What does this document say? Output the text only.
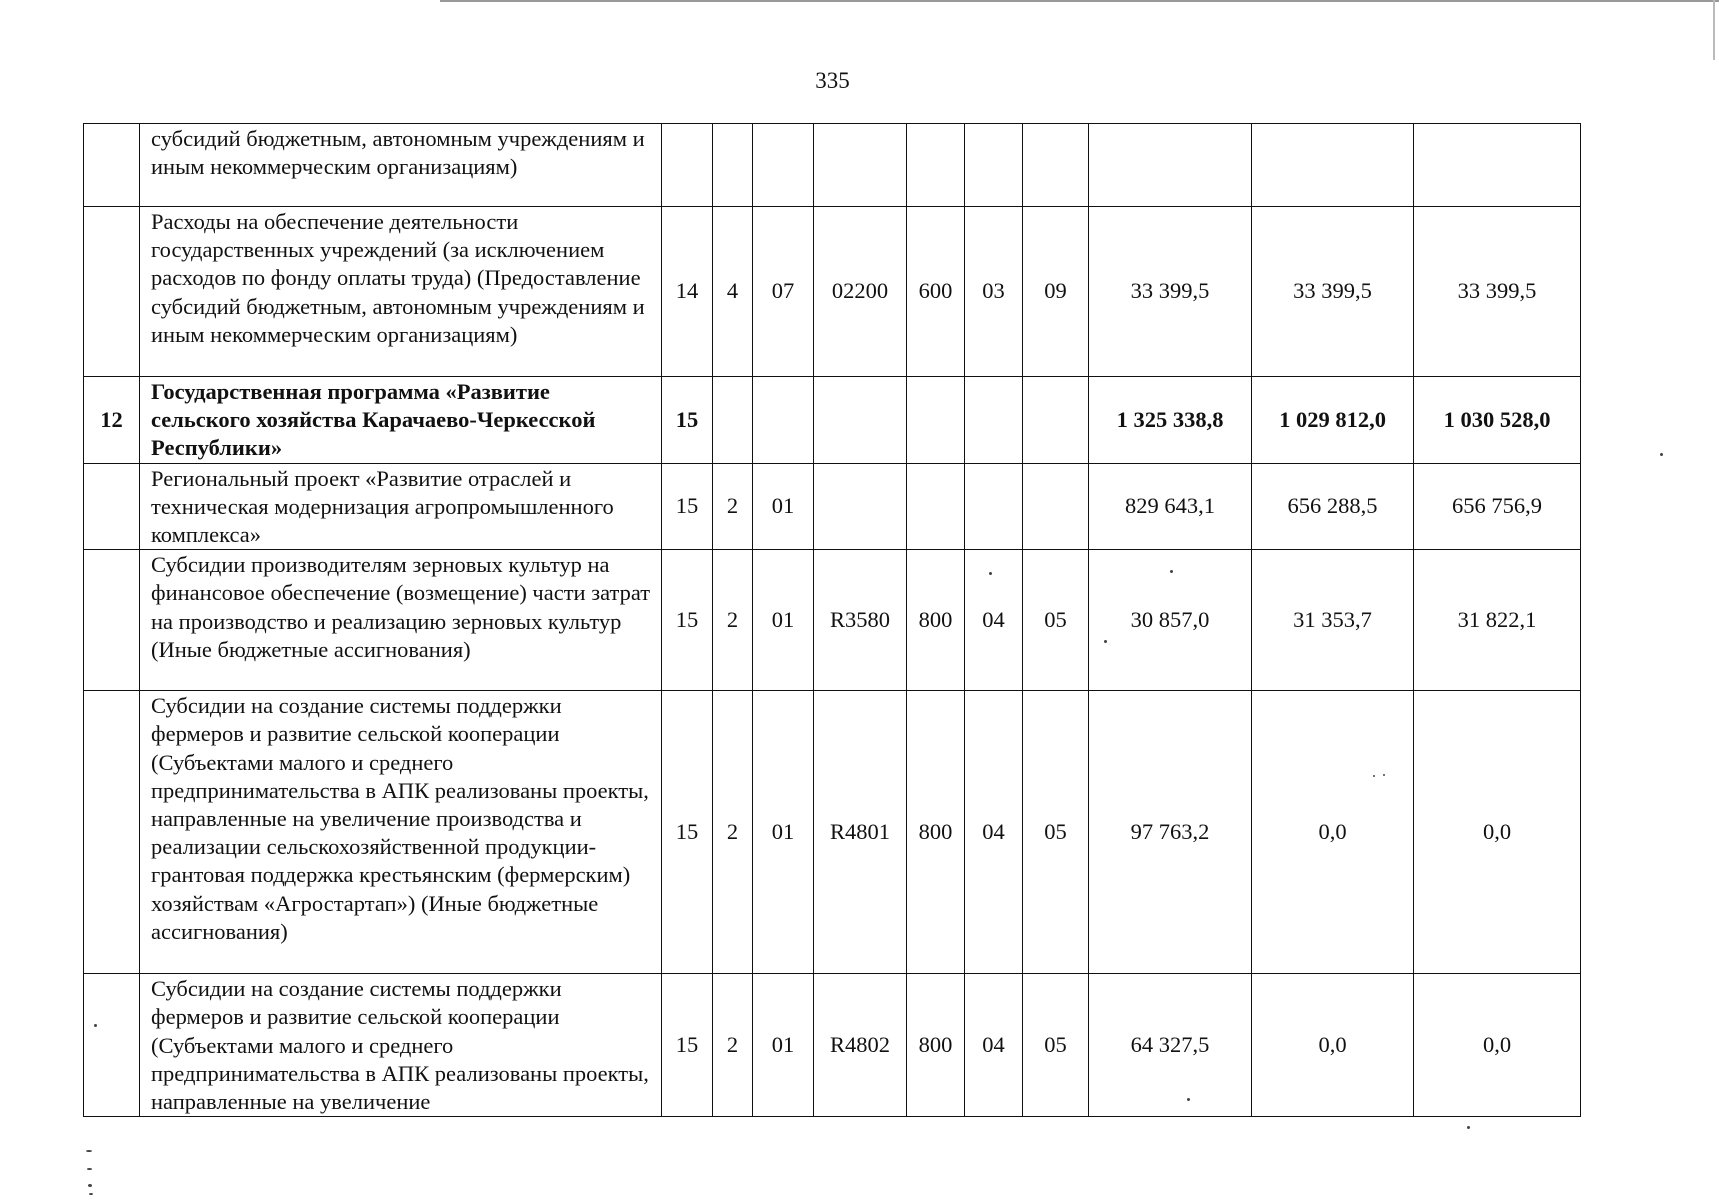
335
	субсидий бюджетным, автономным учреждениям и иным некоммерческим организациям)										
	Расходы на обеспечение деятельности государственных учреждений (за исключением расходов по фонду оплаты труда) (Предоставление субсидий бюджетным, автономным учреждениям и иным некоммерческим организациям)	14	4	07	02200	600	03	09	33 399,5	33 399,5	33 399,5
12	Государственная программа «Развитие сельского хозяйства Карачаево-Черкесской Республики»	15							1 325 338,8	1 029 812,0	1 030 528,0
	Региональный проект «Развитие отраслей и техническая модернизация агропромышленного комплекса»	15	2	01					829 643,1	656 288,5	656 756,9
	Субсидии производителям зерновых культур на финансовое обеспечение (возмещение) части затрат на производство и реализацию зерновых культур (Иные бюджетные ассигнования)	15	2	01	R3580	800	04	05	30 857,0	31 353,7	31 822,1
	Субсидии на создание системы поддержки фермеров и развитие сельской кооперации (Субъектами малого и среднего предпринимательства в АПК реализованы проекты, направленные на увеличение производства и реализации сельскохозяйственной продукции-грантовая поддержка крестьянским (фермерским) хозяйствам «Агростартап») (Иные бюджетные ассигнования)	15	2	01	R4801	800	04	05	97 763,2	0,0	0,0
	Субсидии на создание системы поддержки фермеров и развитие сельской кооперации (Субъектами малого и среднего предпринимательства в АПК реализованы проекты, направленные на увеличение	15	2	01	R4802	800	04	05	64 327,5	0,0	0,0
